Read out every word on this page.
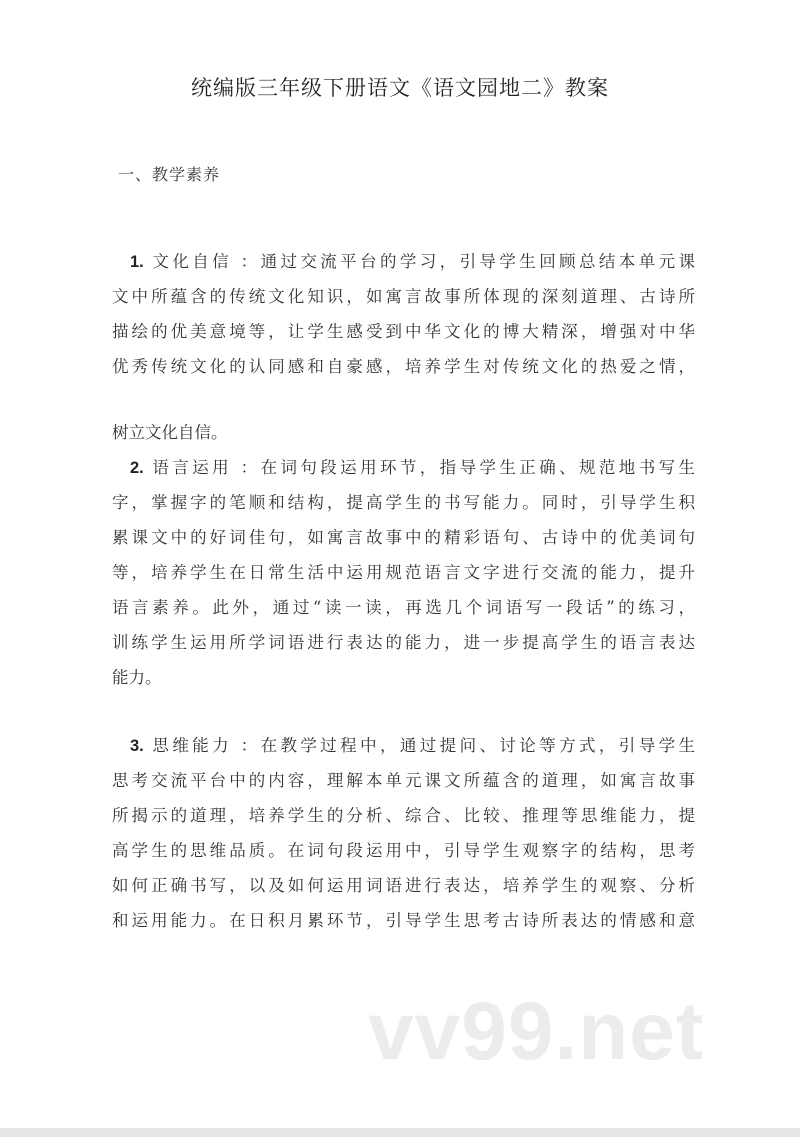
统编版三年级下册语文《语文园地二》教案
一、教学素养
1. 文化自信 ：通过交流平台的学习，引导学生回顾总结本单元课
文中所蕴含的传统文化知识，如寓言故事所体现的深刻道理、古诗所
描绘的优美意境等，让学生感受到中华文化的博大精深，增强对中华
优秀传统文化的认同感和自豪感，培养学生对传统文化的热爱之情，
树立文化自信。
2. 语言运用 ：在词句段运用环节，指导学生正确、规范地书写生
字，掌握字的笔顺和结构，提高学生的书写能力。同时，引导学生积
累课文中的好词佳句，如寓言故事中的精彩语句、古诗中的优美词句
等，培养学生在日常生活中运用规范语言文字进行交流的能力，提升
语言素养。此外，通过“读一读，再选几个词语写一段话”的练习，
训练学生运用所学词语进行表达的能力，进一步提高学生的语言表达
能力。
3. 思维能力 ：在教学过程中，通过提问、讨论等方式，引导学生
思考交流平台中的内容，理解本单元课文所蕴含的道理，如寓言故事
所揭示的道理，培养学生的分析、综合、比较、推理等思维能力，提
高学生的思维品质。在词句段运用中，引导学生观察字的结构，思考
如何正确书写，以及如何运用词语进行表达，培养学生的观察、分析
和运用能力。在日积月累环节，引导学生思考古诗所表达的情感和意
vv99.net
